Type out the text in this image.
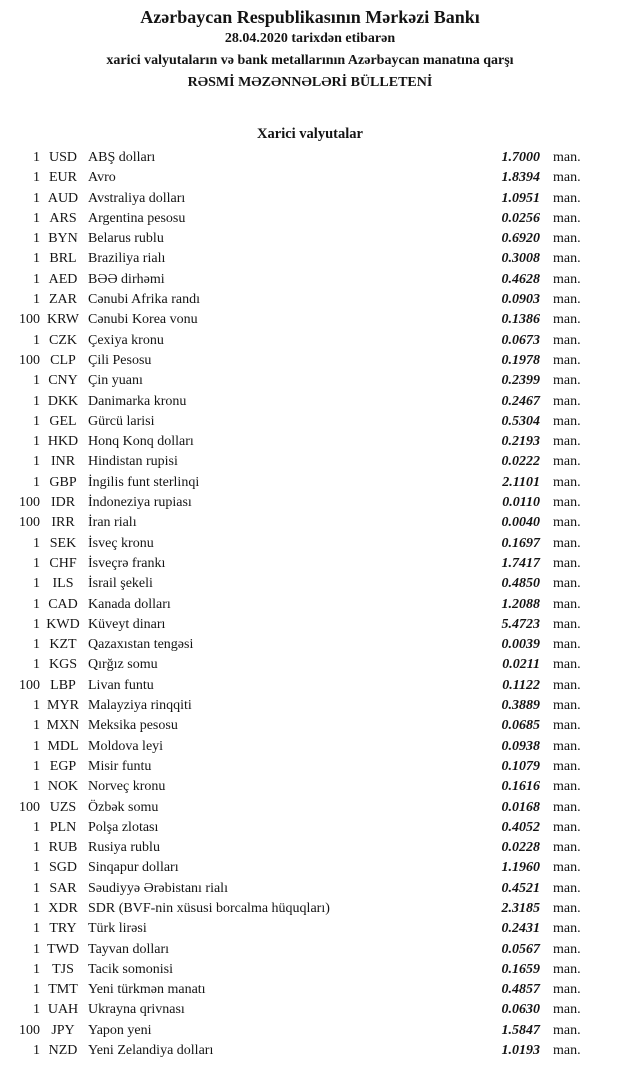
Azərbaycan Respublikasının Mərkəzi Bankı

28.04.2020 tarixdən etibarən

xarici valyutaların və bank metallarının Azərbaycan manatına qarşı

RƏSMİ MƏZƏNNƏLƏRİ BÜLLETENİ

Xarici valyutalar
1 USD ABŞ dolları	1.7000 man.
1 EUR Avro	1.8394 man.
1 AUD Avstraliya dolları	1.0951 man.
1 ARS Argentina pesosu	0.0256 man.
1 BYN Belarus rublu	0.6920 man.
1 BRL Braziliya rialı	0.3008 man.
1 AED BƏƏ dirhəmi	0.4628 man.
1 ZAR Cənubi Afrika randı	0.0903 man.
100 KRW Cənubi Korea vonu	0.1386 man.
1 CZK Çexiya kronu	0.0673 man.
100 CLP Çili Pesosu	0.1978 man.
1 CNY Çin yuanı	0.2399 man.
1 DKK Danimarka kronu	0.2467 man.
1 GEL Gürcü larisi	0.5304 man.
1 HKD Honq Konq dolları	0.2193 man.
1 INR Hindistan rupisi	0.0222 man.
1 GBP İngilis funt sterlinqi	2.1101 man.
100 IDR İndoneziya rupiası	0.0110 man.
100 IRR İran rialı	0.0040 man.
1 SEK İsveç kronu	0.1697 man.
1 CHF İsveçrə frankı	1.7417 man.
1 ILS	İsrail şekeli	0.4850 man.
1 CAD Kanada dolları	1.2088 man.
1 KWD Küveyt dinarı	5.4723 man.
1 KZT Qazaxıstan tengəsi	0.0039 man.
1 KGS Qırğız somu	0.0211 man.
100 LBP Livan funtu	0.1122 man.
1 MYR Malayziya rinqqiti	0.3889 man.
1 MXN Meksika pesosu	0.0685 man.
1 MDL Moldova leyi	0.0938 man.
1 EGP Misir funtu	0.1079 man.
1 NOK Norveç kronu	0.1616 man.
100 UZS Özbək somu	0.0168 man.
1 PLN Polşa zlotası	0.4052 man.
1 RUB Rusiya rublu	0.0228 man.
1 SGD Sinqapur dolları	1.1960 man.
1 SAR Səudiyyə Ərəbistanı rialı	0.4521 man.
1 XDR SDR (BVF-nin xüsusi borcalma hüquqları)	2.3185 man.
1 TRY Türk lirəsi	0.2431 man.
1 TWD Tayvan dolları	0.0567 man.
1 TJS	Tacik somonisi	0.1659 man.
1 TMT Yeni türkmən manatı	0.4857 man.
1 UAH Ukrayna qrivnası	0.0630 man.
100 JPY Yapon yeni	1.5847 man.
1 NZD Yeni Zelandiya dolları	1.0193 man.
